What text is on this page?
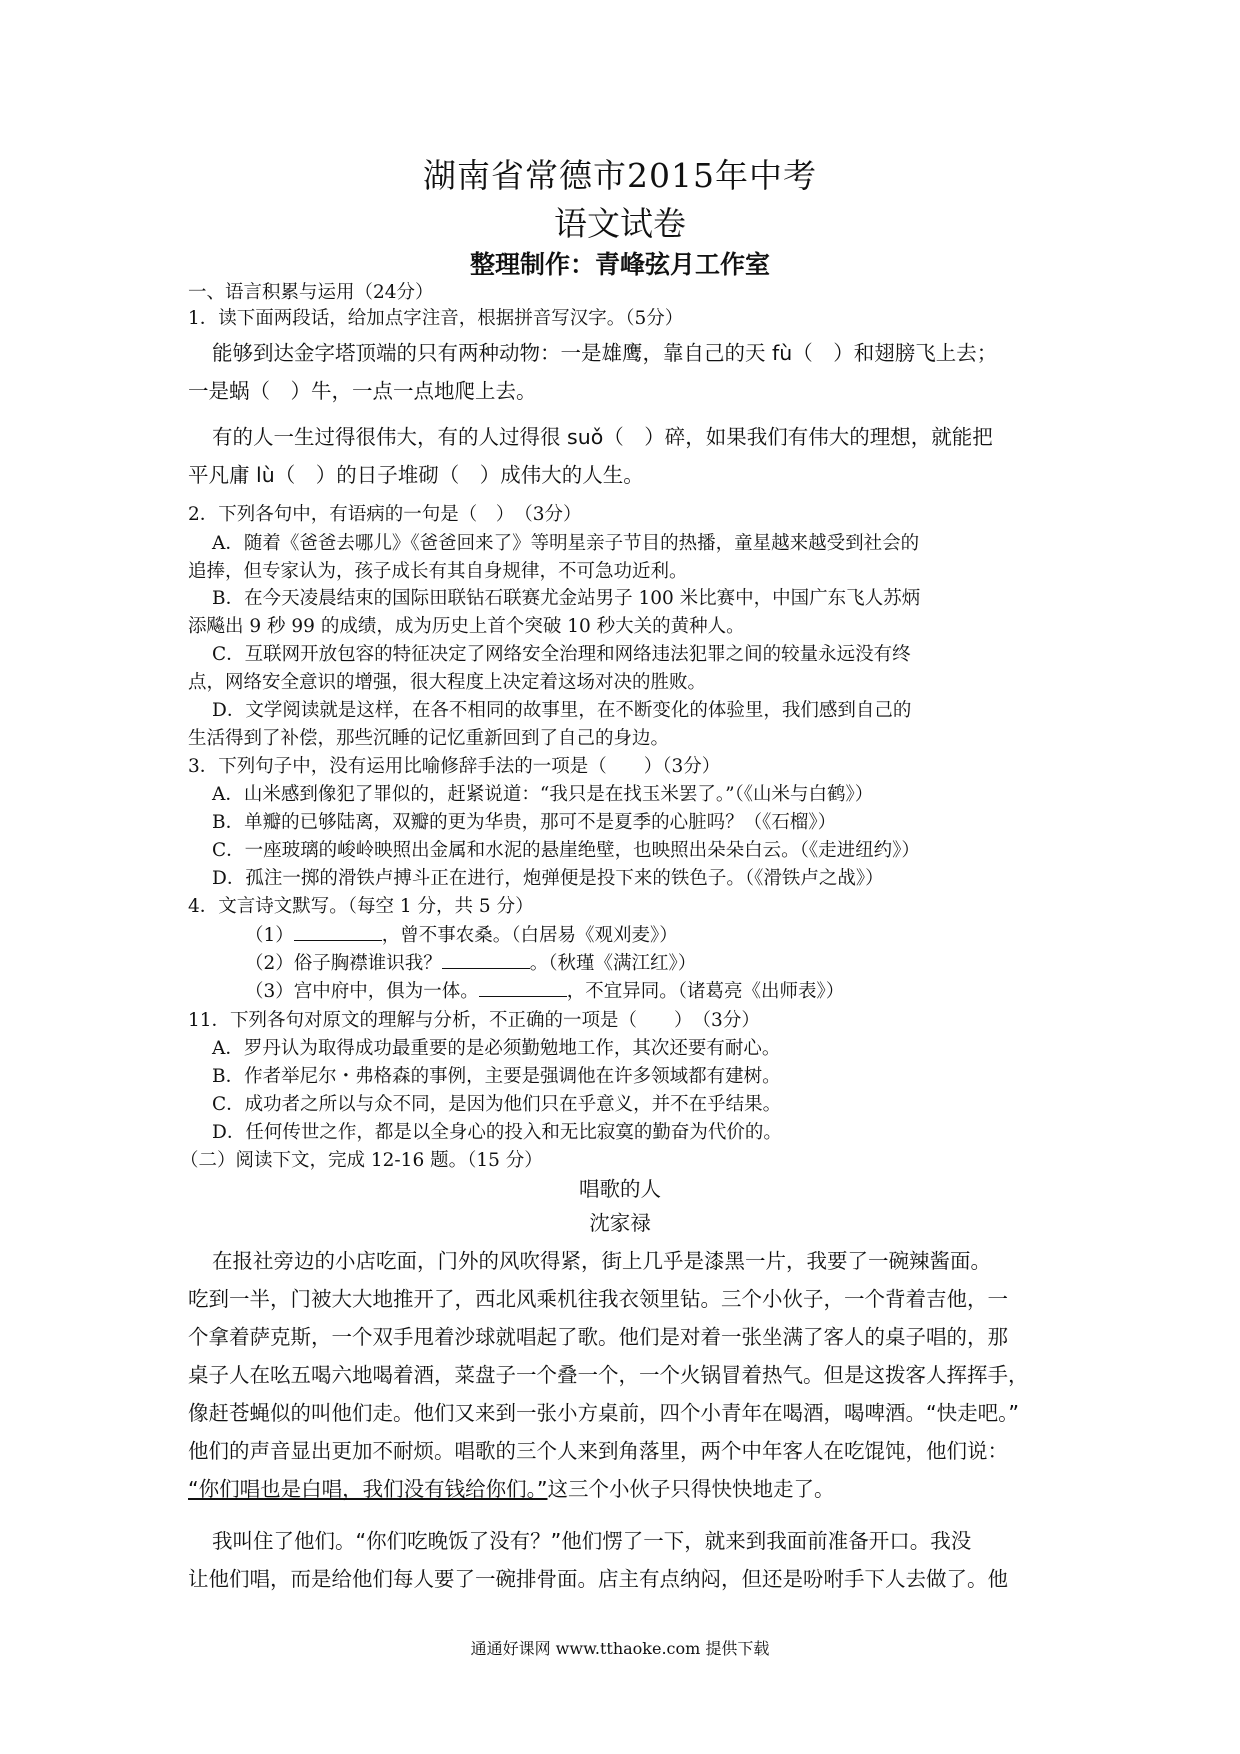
湖南省常德市2015年中考
语文试卷
整理制作：青峰弦月工作室
一、语言积累与运用（24分）
1．读下面两段话，给加点字注音，根据拼音写汉字。（5分）
能够到达金字塔顶端的只有两种动物：一是雄鹰，靠自己的天 fù（　）和翅膀飞上去；
一是蜗（　）牛，一点一点地爬上去。
有的人一生过得很伟大，有的人过得很 suǒ（　）碎，如果我们有伟大的理想，就能把
平凡庸 lù（　）的日子堆砌（　）成伟大的人生。
2．下列各句中，有语病的一句是（　）　（3分）
A．随着《爸爸去哪儿》《爸爸回来了》等明星亲子节目的热播，童星越来越受到社会的
追捧，但专家认为，孩子成长有其自身规律，不可急功近利。
B．在今天凌晨结束的国际田联钻石联赛尤金站男子 100 米比赛中，中国广东飞人苏炳
添飚出 9 秒 99 的成绩，成为历史上首个突破 10 秒大关的黄种人。
C．互联网开放包容的特征决定了网络安全治理和网络违法犯罪之间的较量永远没有终
点，网络安全意识的增强，很大程度上决定着这场对决的胜败。
D．文学阅读就是这样，在各不相同的故事里，在不断变化的体验里，我们感到自己的
生活得到了补偿，那些沉睡的记忆重新回到了自己的身边。
3．下列句子中，没有运用比喻修辞手法的一项是（　　）（3分）
A．山米感到像犯了罪似的，赶紧说道：“我只是在找玉米罢了。”（《山米与白鹤》）
B．单瓣的已够陆离，双瓣的更为华贵，那可不是夏季的心脏吗？（《石榴》）
C．一座玻璃的峻岭映照出金属和水泥的悬崖绝壁，也映照出朵朵白云。（《走进纽约》）
D．孤注一掷的滑铁卢搏斗正在进行，炮弹便是投下来的铁色子。（《滑铁卢之战》）
4．文言诗文默写。（每空 1 分，共 5 分）
（1）	，曾不事农桑。（白居易《观刈麦》）
（2）俗子胸襟谁识我？	。（秋瑾《满江红》）
（3）宫中府中，俱为一体。	，不宜异同。（诸葛亮《出师表》）
11．下列各句对原文的理解与分析，不正确的一项是（　　）　（3分）
A．罗丹认为取得成功最重要的是必须勤勉地工作，其次还要有耐心。
B．作者举尼尔・弗格森的事例，主要是强调他在许多领域都有建树。
C．成功者之所以与众不同，是因为他们只在乎意义，并不在乎结果。
D．任何传世之作，都是以全身心的投入和无比寂寞的勤奋为代价的。
（二）阅读下文，完成 12-16 题。（15 分）
唱歌的人
沈家禄
在报社旁边的小店吃面，门外的风吹得紧，街上几乎是漆黑一片，我要了一碗辣酱面。
吃到一半，门被大大地推开了，西北风乘机往我衣领里钻。三个小伙子，一个背着吉他，一
个拿着萨克斯，一个双手甩着沙球就唱起了歌。他们是对着一张坐满了客人的桌子唱的，那
桌子人在吆五喝六地喝着酒，菜盘子一个叠一个，一个火锅冒着热气。但是这拨客人挥挥手，
像赶苍蝇似的叫他们走。他们又来到一张小方桌前，四个小青年在喝酒，喝啤酒。“快走吧。”
他们的声音显出更加不耐烦。唱歌的三个人来到角落里，两个中年客人在吃馄饨，他们说：
“你们唱也是白唱，我们没有钱给你们。”这三个小伙子只得快快地走了。
我叫住了他们。“你们吃晚饭了没有？”他们愣了一下，就来到我面前准备开口。我没
让他们唱，而是给他们每人要了一碗排骨面。店主有点纳闷，但还是吩咐手下人去做了。他
通通好课网 www.tthaoke.com 提供下载
